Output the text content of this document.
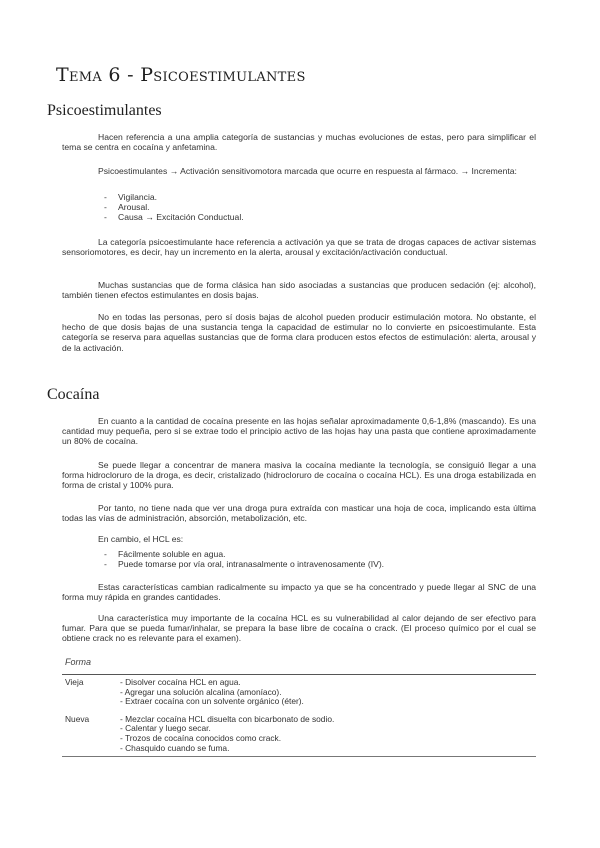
Tema 6 - Psicoestimulantes
Psicoestimulantes

Hacen referencia a una amplia categoría de sustancias y muchas evoluciones de estas, pero para simplificar el tema se centra en cocaína y anfetamina.

Psicoestimulantes → Activación sensitivomotora marcada que ocurre en respuesta al fármaco. → Incrementa:

- Vigilancia.
- Arousal.
- Causa → Excitación Conductual.

La categoría psicoestimulante hace referencia a activación ya que se trata de drogas capaces de activar sistemas sensoriomotores, es decir, hay un incremento en la alerta, arousal y excitación/activación conductual.

Muchas sustancias que de forma clásica han sido asociadas a sustancias que producen sedación (ej: alcohol), también tienen efectos estimulantes en dosis bajas.

No en todas las personas, pero sí dosis bajas de alcohol pueden producir estimulación motora. No obstante, el hecho de que dosis bajas de una sustancia tenga la capacidad de estimular no lo convierte en psicoestimulante. Esta categoría se reserva para aquellas sustancias que de forma clara producen estos efectos de estimulación: alerta, arousal y de la activación.

Cocaína

En cuanto a la cantidad de cocaína presente en las hojas señalar aproximadamente 0,6-1,8% (mascando). Es una cantidad muy pequeña, pero si se extrae todo el principio activo de las hojas hay una pasta que contiene aproximadamente un 80% de cocaína.

Se puede llegar a concentrar de manera masiva la cocaína mediante la tecnología, se consiguió llegar a una forma hidrocloruro de la droga, es decir, cristalizado (hidrocloruro de cocaína o cocaína HCL). Es una droga estabilizada en forma de cristal y 100% pura.

Por tanto, no tiene nada que ver una droga pura extraída con masticar una hoja de coca, implicando esta última todas las vías de administración, absorción, metabolización, etc.

En cambio, el HCL es:

- Fácilmente soluble en agua.
- Puede tomarse por vía oral, intranasalmente o intravenosamente (IV).

Estas características cambian radicalmente su impacto ya que se ha concentrado y puede llegar al SNC de una forma muy rápida en grandes cantidades.

Una característica muy importante de la cocaína HCL es su vulnerabilidad al calor dejando de ser efectivo para fumar. Para que se pueda fumar/inhalar, se prepara la base libre de cocaína o crack. (El proceso químico por el cual se obtiene crack no es relevante para el examen).

Forma
Vieja	- Disolver cocaína HCL en agua.
- Agregar una solución alcalina (amoníaco).
- Extraer cocaína con un solvente orgánico (éter).
Nueva	- Mezclar cocaína HCL disuelta con bicarbonato de sodio.
- Calentar y luego secar.
- Trozos de cocaína conocidos como crack.
- Chasquido cuando se fuma.
